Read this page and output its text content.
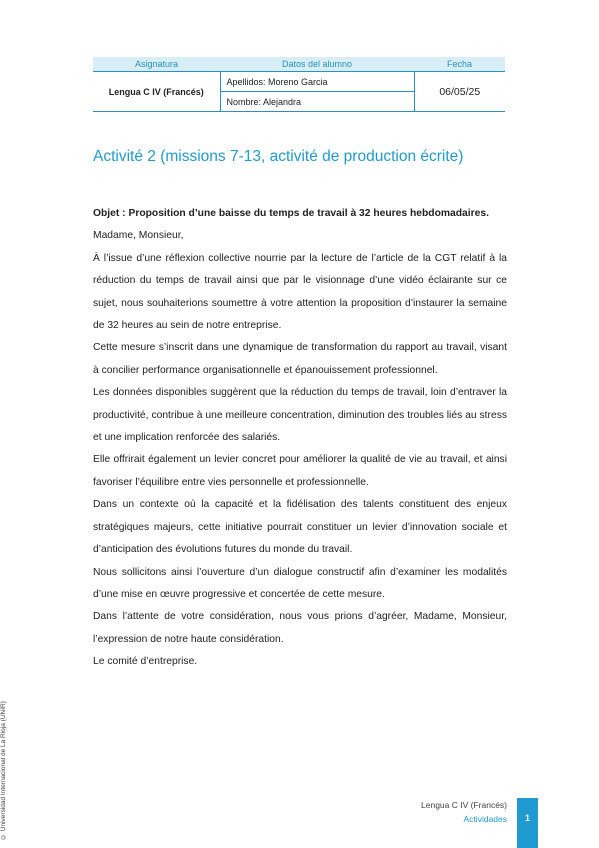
Asignatura	Datos del alumno	Fecha
Lengua C IV (Francés)	Apellidos: Moreno Garcia	06/05/25
	Nombre: Alejandra	
Activité 2 (missions 7-13, activité de production écrite)

Objet : Proposition d’une baisse du temps de travail à 32 heures hebdomadaires.

Madame, Monsieur,

À l’issue d’une réflexion collective nourrie par la lecture de l’article de la CGT relatif à la réduction du temps de travail ainsi que par le visionnage d’une vidéo éclairante sur ce sujet, nous souhaiterions soumettre à votre attention la proposition d’instaurer la semaine de 32 heures au sein de notre entreprise.

Cette mesure s’inscrit dans une dynamique de transformation du rapport au travail, visant à concilier performance organisationnelle et épanouissement professionnel.

Les données disponibles suggèrent que la réduction du temps de travail, loin d’entraver la productivité, contribue à une meilleure concentration, diminution des troubles liés au stress et une implication renforcée des salariés.

Elle offrirait également un levier concret pour améliorer la qualité de vie au travail, et ainsi favoriser l’équilibre entre vies personnelle et professionnelle.

Dans un contexte où la capacité et la fidélisation des talents constituent des enjeux stratégiques majeurs, cette initiative pourrait constituer un levier d’innovation sociale et d’anticipation des évolutions futures du monde du travail.

Nous sollicitons ainsi l’ouverture d’un dialogue constructif afin d’examiner les modalités d’une mise en œuvre progressive et concertée de cette mesure.

Dans l’attente de votre considération, nous vous prions d’agréer, Madame, Monsieur, l’expression de notre haute considération.

Le comité d’entreprise.

© Universidad Internacional de La Rioja (UNIR)	Lengua C IV (Francés)
Actividades	1
